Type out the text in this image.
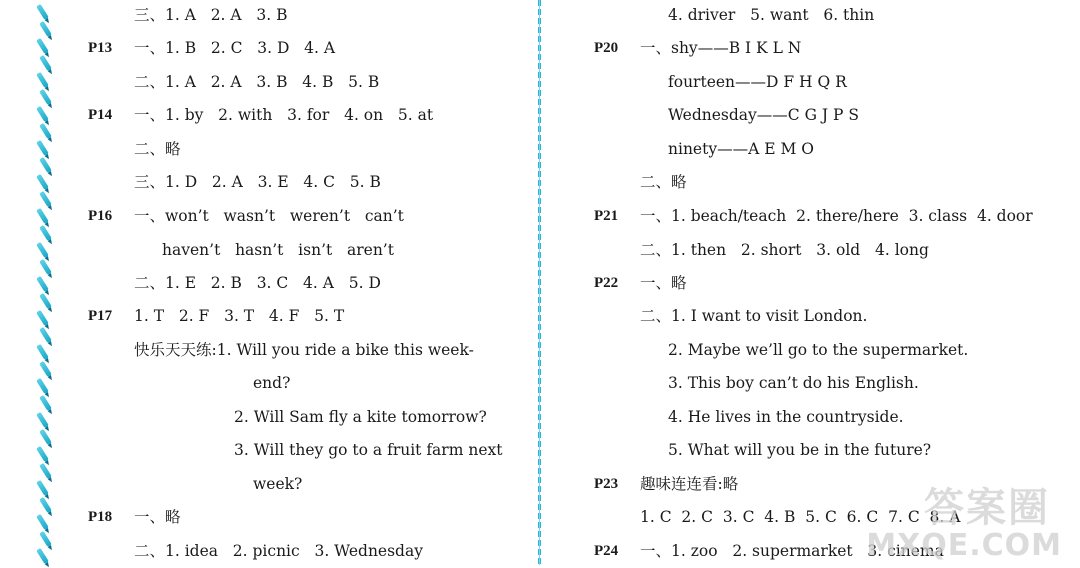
三、1. A   2. A   3. B
P13 一、1. B   2. C   3. D   4. A
二、1. A   2. A   3. B   4. B   5. B
P14 一、1. by   2. with   3. for   4. on   5. at
二、略
三、1. D   2. A   3. E   4. C   5. B
P16 一、won’t   wasn’t   weren’t   can’t
haven’t   hasn’t   isn’t   aren’t
二、1. E   2. B   3. C   4. A   5. D
P17 1. T   2. F   3. T   4. F   5. T
快乐天天练:1. Will you ride a bike this week-
end?
2. Will Sam fly a kite tomorrow?
3. Will they go to a fruit farm next
week?
P18 一、略
二、1. idea   2. picnic   3. Wednesday
4. driver   5. want   6. thin
P20 一、shy——B I K L N
fourteen——D F H Q R
Wednesday——C G J P S
ninety——A E M O
二、略
P21 一、1. beach/teach  2. there/here  3. class  4. door
二、1. then   2. short   3. old   4. long
P22 一、略
二、1. I want to visit London.
2. Maybe we’ll go to the supermarket.
3. This boy can’t do his English.
4. He lives in the countryside.
5. What will you be in the future?
P23 趣味连连看:略
1. C  2. C  3. C  4. B  5. C  6. C  7. C  8. A
P24 一、1. zoo   2. supermarket   3. cinema
答案圈
MXQE.COM
